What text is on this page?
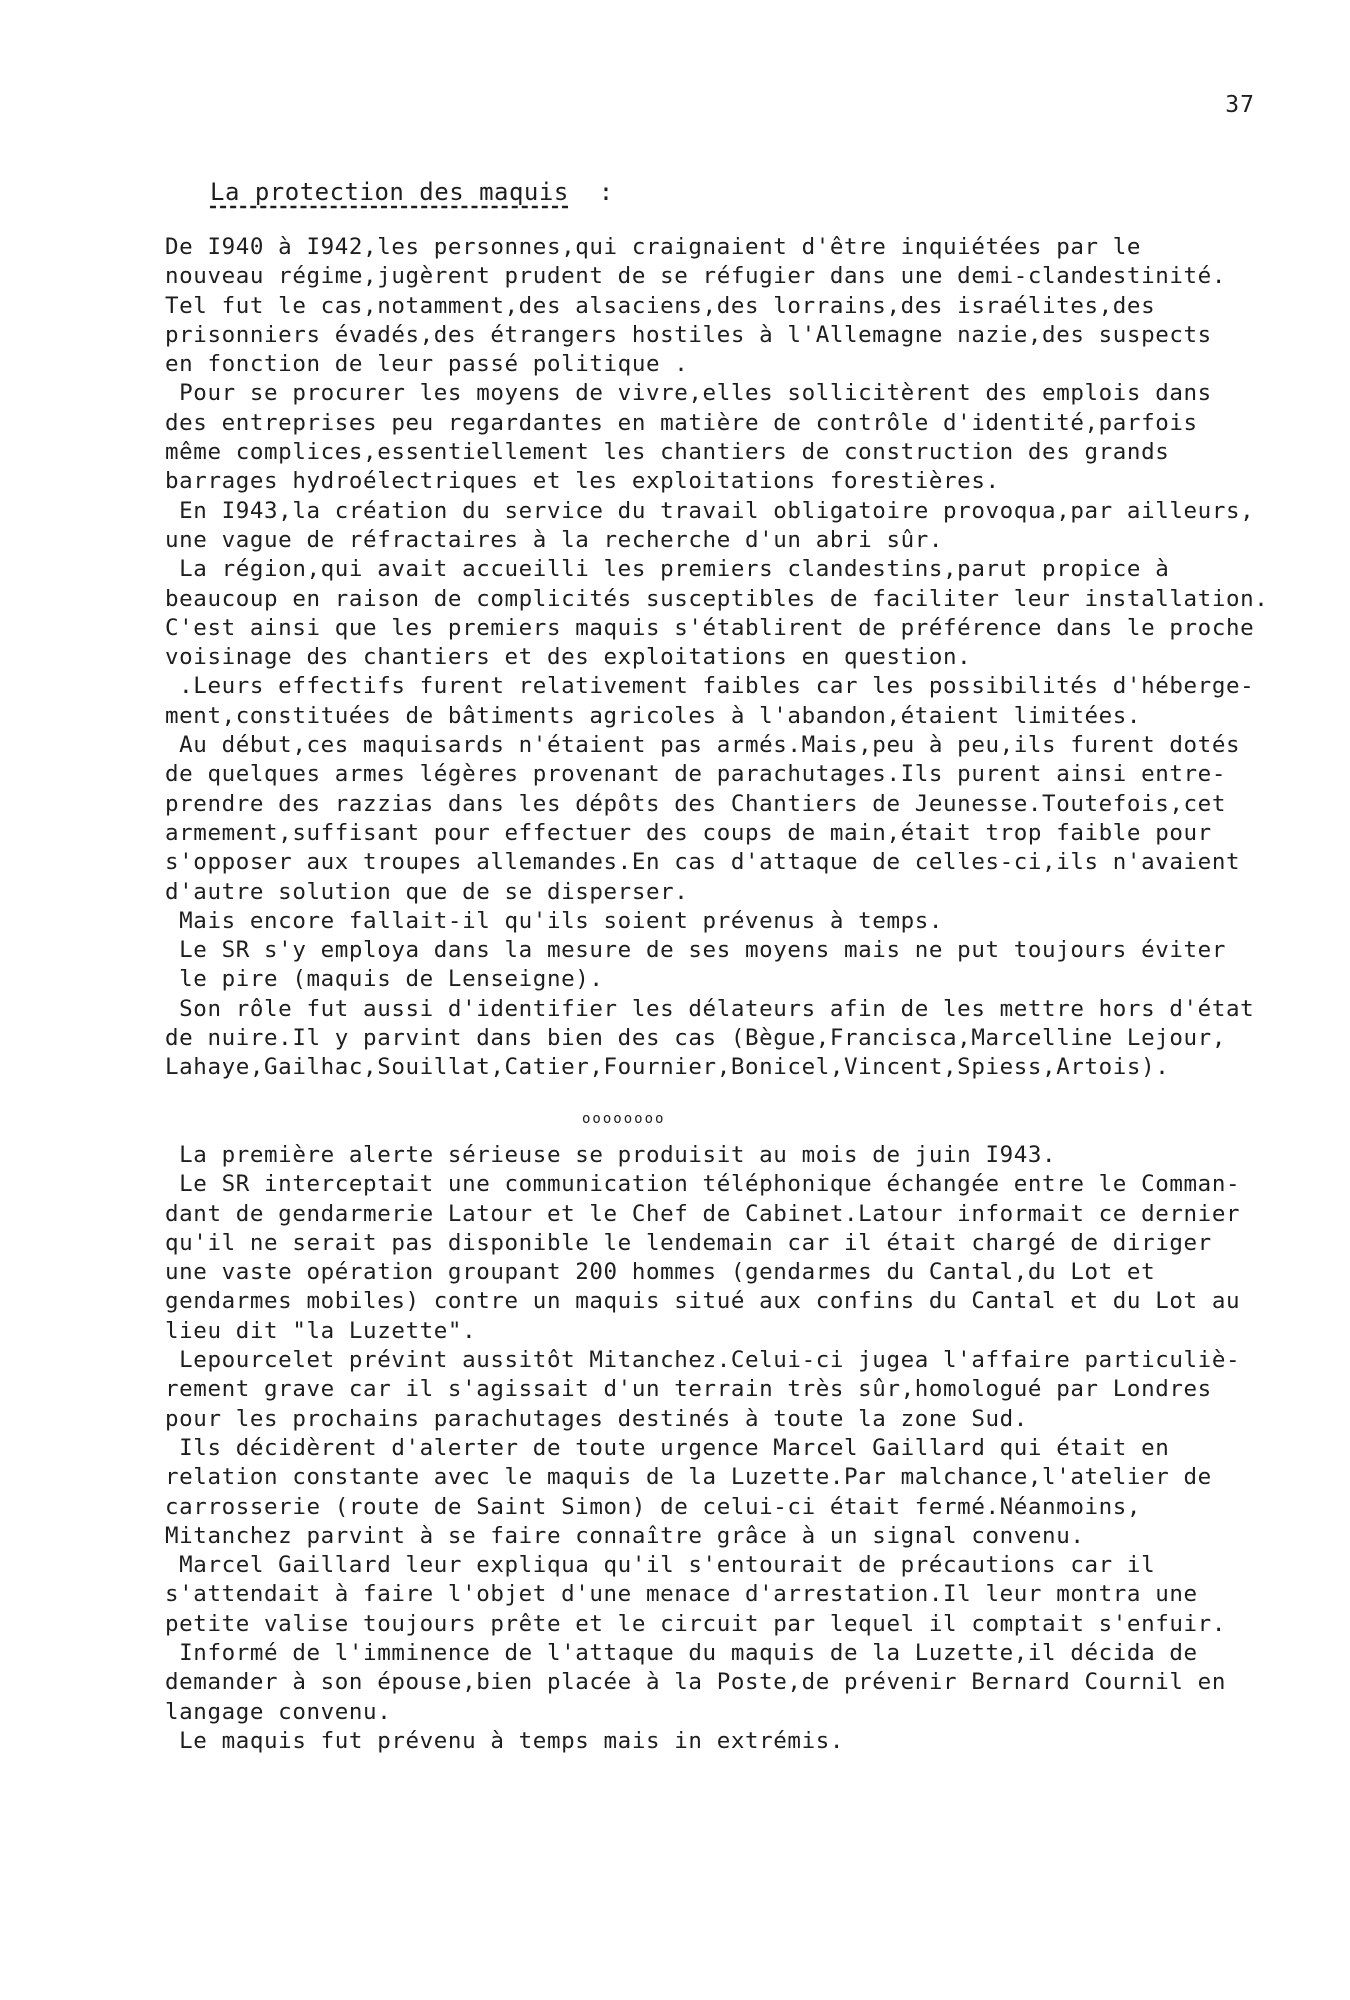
37
La protection des maquis :
De I940 à I942,les personnes,qui craignaient d'être inquiétées par le
nouveau régime,jugèrent prudent de se réfugier dans une demi-clandestinité.
Tel fut le cas,notamment,des alsaciens,des lorrains,des israélites,des
prisonniers évadés,des étrangers hostiles à l'Allemagne nazie,des suspects
en fonction de leur passé politique .
Pour se procurer les moyens de vivre,elles sollicitèrent des emplois dans
des entreprises peu regardantes en matière de contrôle d'identité,parfois
même complices,essentiellement les chantiers de construction des grands
barrages hydroélectriques et les exploitations forestières.
En I943,la création du service du travail obligatoire provoqua,par ailleurs,
une vague de réfractaires à la recherche d'un abri sûr.
La région,qui avait accueilli les premiers clandestins,parut propice à
beaucoup en raison de complicités susceptibles de faciliter leur installation.
C'est ainsi que les premiers maquis s'établirent de préférence dans le proche
voisinage des chantiers et des exploitations en question.
.Leurs effectifs furent relativement faibles car les possibilités d'héberge-
ment,constituées de bâtiments agricoles à l'abandon,étaient limitées.
Au début,ces maquisards n'étaient pas armés.Mais,peu à peu,ils furent dotés
de quelques armes légères provenant de parachutages.Ils purent ainsi entre-
prendre des razzias dans les dépôts des Chantiers de Jeunesse.Toutefois,cet
armement,suffisant pour effectuer des coups de main,était trop faible pour
s'opposer aux troupes allemandes.En cas d'attaque de celles-ci,ils n'avaient
d'autre solution que de se disperser.
Mais encore fallait-il qu'ils soient prévenus à temps.
Le SR s'y employa dans la mesure de ses moyens mais ne put toujours éviter
le pire (maquis de Lenseigne).
Son rôle fut aussi d'identifier les délateurs afin de les mettre hors d'état
de nuire.Il y parvint dans bien des cas (Bègue,Francisca,Marcelline Lejour,
Lahaye,Gailhac,Souillat,Catier,Fournier,Bonicel,Vincent,Spiess,Artois).
oooooooo
La première alerte sérieuse se produisit au mois de juin I943.
Le SR interceptait une communication téléphonique échangée entre le Comman-
dant de gendarmerie Latour et le Chef de Cabinet.Latour informait ce dernier
qu'il ne serait pas disponible le lendemain car il était chargé de diriger
une vaste opération groupant 200 hommes (gendarmes du Cantal,du Lot et
gendarmes mobiles) contre un maquis situé aux confins du Cantal et du Lot au
lieu dit "la Luzette".
Lepourcelet prévint aussitôt Mitanchez.Celui-ci jugea l'affaire particuliè-
rement grave car il s'agissait d'un terrain très sûr,homologué par Londres
pour les prochains parachutages destinés à toute la zone Sud.
Ils décidèrent d'alerter de toute urgence Marcel Gaillard qui était en
relation constante avec le maquis de la Luzette.Par malchance,l'atelier de
carrosserie (route de Saint Simon) de celui-ci était fermé.Néanmoins,
Mitanchez parvint à se faire connaître grâce à un signal convenu.
Marcel Gaillard leur expliqua qu'il s'entourait de précautions car il
s'attendait à faire l'objet d'une menace d'arrestation.Il leur montra une
petite valise toujours prête et le circuit par lequel il comptait s'enfuir.
Informé de l'imminence de l'attaque du maquis de la Luzette,il décida de
demander à son épouse,bien placée à la Poste,de prévenir Bernard Cournil en
langage convenu.
Le maquis fut prévenu à temps mais in extrémis.
